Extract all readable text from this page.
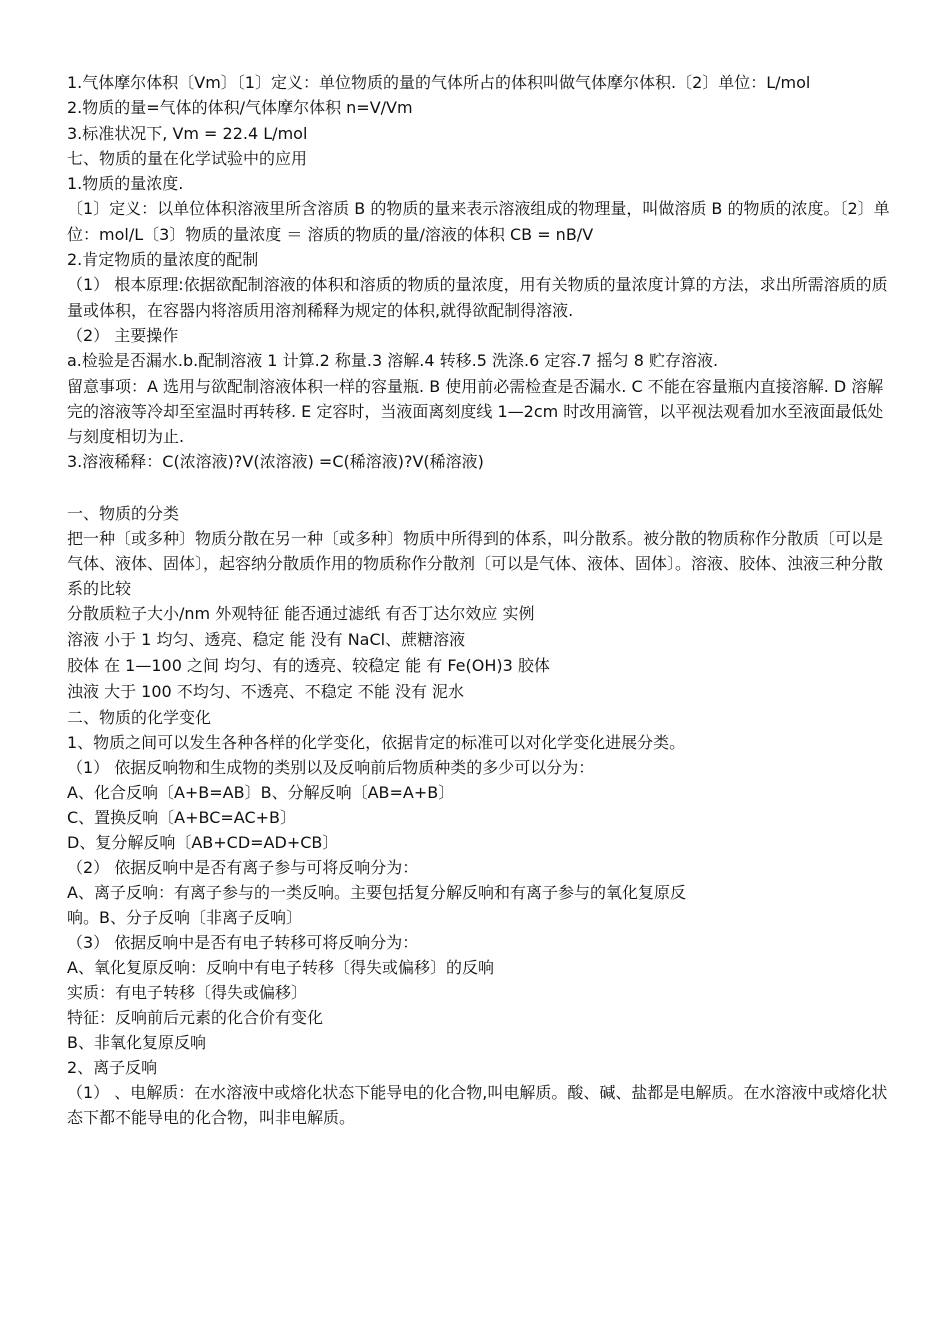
1.气体摩尔体积〔Vm〕〔1〕定义：单位物质的量的气体所占的体积叫做气体摩尔体积.〔2〕单位：L/mol

2.物质的量=气体的体积/气体摩尔体积 n=V/Vm

3.标准状况下, Vm = 22.4 L/mol

七、物质的量在化学试验中的应用

1.物质的量浓度.

〔1〕定义：以单位体积溶液里所含溶质 B 的物质的量来表示溶液组成的物理量，叫做溶质 B 的物质的浓度。〔2〕单位：mol/L〔3〕物质的量浓度 ＝ 溶质的物质的量/溶液的体积 CB = nB/V

2.肯定物质的量浓度的配制

（1） 根本原理:依据欲配制溶液的体积和溶质的物质的量浓度，用有关物质的量浓度计算的方法，求出所需溶质的质量或体积，在容器内将溶质用溶剂稀释为规定的体积,就得欲配制得溶液.

（2） 主要操作

a.检验是否漏水.b.配制溶液 1 计算.2 称量.3 溶解.4 转移.5 洗涤.6 定容.7 摇匀 8 贮存溶液.

留意事项：A 选用与欲配制溶液体积一样的容量瓶. B 使用前必需检查是否漏水. C 不能在容量瓶内直接溶解. D 溶解完的溶液等冷却至室温时再转移. E 定容时，当液面离刻度线 1—2cm 时改用滴管，以平视法观看加水至液面最低处与刻度相切为止.

3.溶液稀释：C(浓溶液)?V(浓溶液) =C(稀溶液)?V(稀溶液)

一、物质的分类

把一种〔或多种〕物质分散在另一种〔或多种〕物质中所得到的体系，叫分散系。被分散的物质称作分散质〔可以是气体、液体、固体〕，起容纳分散质作用的物质称作分散剂〔可以是气体、液体、固体〕。溶液、胶体、浊液三种分散系的比较

分散质粒子大小/nm 外观特征 能否通过滤纸 有否丁达尔效应 实例

溶液 小于 1 均匀、透亮、稳定 能 没有 NaCl、蔗糖溶液

胶体 在 1—100 之间 均匀、有的透亮、较稳定 能 有 Fe(OH)3 胶体

浊液 大于 100 不均匀、不透亮、不稳定 不能 没有 泥水

二、物质的化学变化

1、物质之间可以发生各种各样的化学变化，依据肯定的标准可以对化学变化进展分类。

（1） 依据反响物和生成物的类别以及反响前后物质种类的多少可以分为：

A、化合反响〔A+B=AB〕B、分解反响〔AB=A+B〕

C、置换反响〔A+BC=AC+B〕

D、复分解反响〔AB+CD=AD+CB〕

（2） 依据反响中是否有离子参与可将反响分为：

A、离子反响：有离子参与的一类反响。主要包括复分解反响和有离子参与的氧化复原反

响。B、分子反响〔非离子反响〕

（3） 依据反响中是否有电子转移可将反响分为：

A、氧化复原反响：反响中有电子转移〔得失或偏移〕的反响

实质：有电子转移〔得失或偏移〕

特征：反响前后元素的化合价有变化

B、非氧化复原反响

2、离子反响

（1） 、电解质：在水溶液中或熔化状态下能导电的化合物,叫电解质。酸、碱、盐都是电解质。在水溶液中或熔化状态下都不能导电的化合物，叫非电解质。
